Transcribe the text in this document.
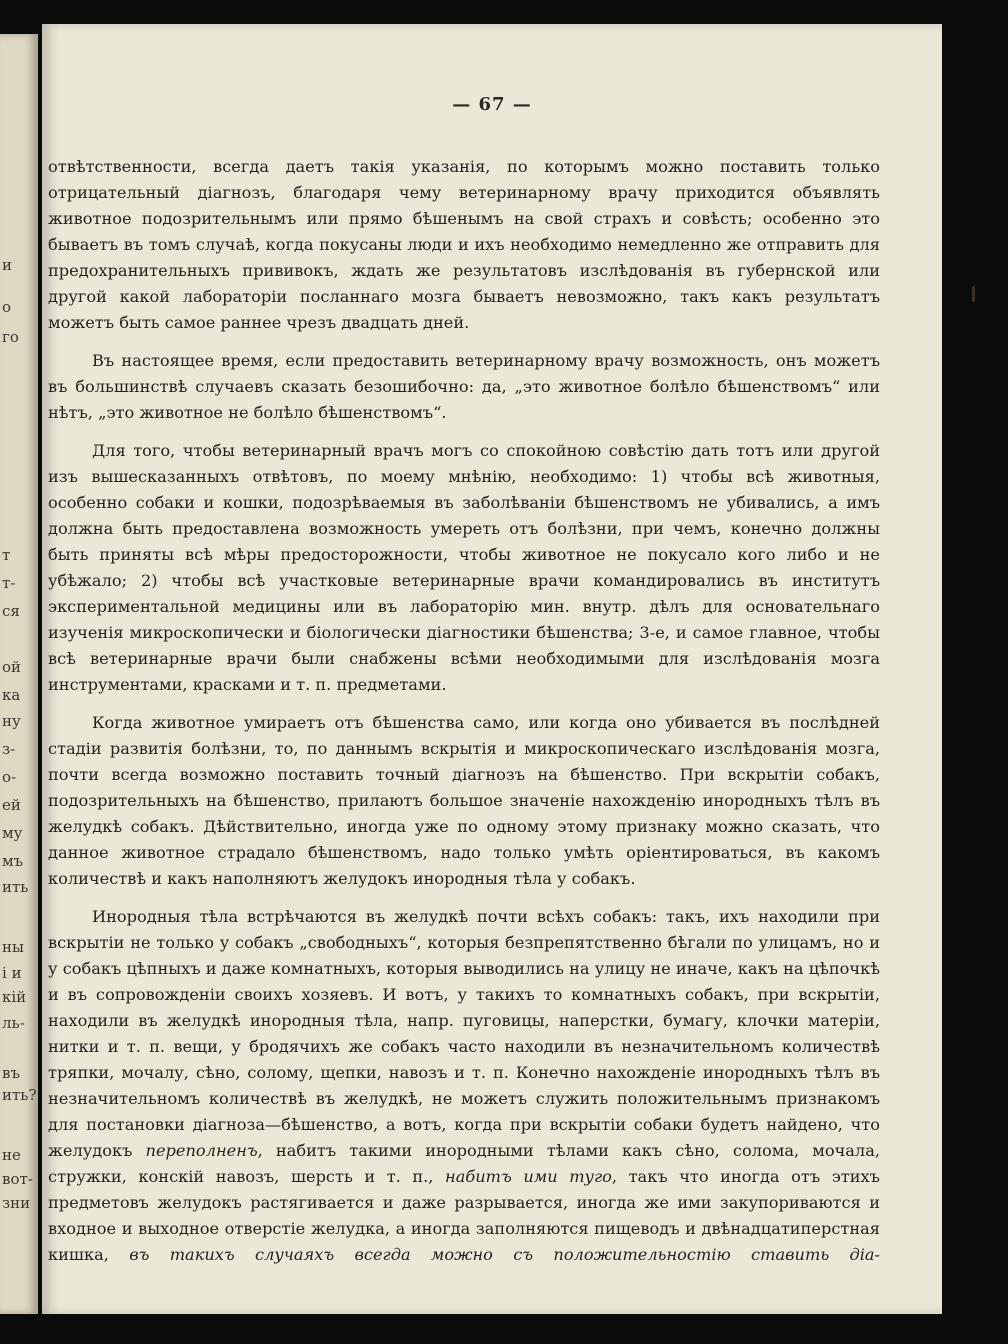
и
о
го
т
т-
ся
ой
ка
ну
з-
о-
ей
му
мъ
ить
ны
і и
кій
ль-
въ
ить?
не
вот-
зни
— 67 —

отвѣтственности, всегда даетъ такія указанія, по которымъ можно поставить только отрицательный діагнозъ, благодаря чему ветеринарному врачу приходится объявлять животное подозрительнымъ или прямо бѣшенымъ на свой страхъ и совѣсть; особенно это бываетъ въ томъ случаѣ, когда покусаны люди и ихъ необходимо немедленно же отправить для предохранительныхъ прививокъ, ждать же результатовъ изслѣдованія въ губернской или другой какой лабораторіи посланнаго мозга бываетъ невозможно, такъ какъ результатъ можетъ быть самое раннее чрезъ двадцать дней.

Въ настоящее время, если предоставить ветеринарному врачу возможность, онъ можетъ въ большинствѣ случаевъ сказать безошибочно: да, „это животное болѣло бѣшенствомъ“ или нѣтъ, „это животное не болѣло бѣшенствомъ“.

Для того, чтобы ветеринарный врачъ могъ со спокойною совѣстію дать тотъ или другой изъ вышесказанныхъ отвѣтовъ, по моему мнѣнію, необходимо: 1) чтобы всѣ животныя, особенно собаки и кошки, подозрѣваемыя въ заболѣваніи бѣшенствомъ не убивались, а имъ должна быть предоставлена возможность умереть отъ болѣзни, при чемъ, конечно должны быть приняты всѣ мѣры предосторожности, чтобы животное не покусало кого либо и не убѣжало; 2) чтобы всѣ участковые ветеринарные врачи командировались въ институтъ экспериментальной медицины или въ лабораторію мин. внутр. дѣлъ для основательнаго изученія микроскопически и біологически діагностики бѣшенства; 3-е, и самое главное, чтобы всѣ ветеринарные врачи были снабжены всѣми необходимыми для изслѣдованія мозга инструментами, красками и т. п. предметами.

Когда животное умираетъ отъ бѣшенства само, или когда оно убивается въ послѣдней стадіи развитія болѣзни, то, по даннымъ вскрытія и микроскопическаго изслѣдованія мозга, почти всегда возможно поставить точный діагнозъ на бѣшенство. При вскрытіи собакъ, подозрительныхъ на бѣшенство, прилаютъ большое значеніе нахожденію инородныхъ тѣлъ въ желудкѣ собакъ. Дѣйствительно, иногда уже по одному этому признаку можно сказать, что данное животное страдало бѣшенствомъ, надо только умѣть оріентироваться, въ какомъ количествѣ и какъ наполняютъ желудокъ инородныя тѣла у собакъ.

Инородныя тѣла встрѣчаются въ желудкѣ почти всѣхъ собакъ: такъ, ихъ находили при вскрытіи не только у собакъ „свободныхъ“, которыя безпрепятственно бѣгали по улицамъ, но и у собакъ цѣпныхъ и даже комнатныхъ, которыя выводились на улицу не иначе, какъ на цѣпочкѣ и въ сопровожденіи своихъ хозяевъ. И вотъ, у такихъ то комнатныхъ собакъ, при вскрытіи, находили въ желудкѣ инородныя тѣла, напр. пуговицы, наперстки, бумагу, клочки матеріи, нитки и т. п. вещи, у бродячихъ же собакъ часто находили въ незначительномъ количествѣ тряпки, мочалу, сѣно, солому, щепки, навозъ и т. п. Конечно нахожденіе инородныхъ тѣлъ въ незначительномъ количествѣ въ желудкѣ, не можетъ служить положительнымъ признакомъ для постановки діагноза—бѣшенство, а вотъ, когда при вскрытіи собаки будетъ найдено, что желудокъ переполненъ, набитъ такими инородными тѣлами какъ сѣно, солома, мочала, стружки, конскій навозъ, шерсть и т. п., набитъ ими туго, такъ что иногда отъ этихъ предметовъ желудокъ растягивается и даже разрывается, иногда же ими закупориваются и входное и выходное отверстіе желудка, а иногда заполняются пищеводъ и двѣнадцатиперстная кишка, въ такихъ случаяхъ всегда можно съ положительностію ставить діа-
